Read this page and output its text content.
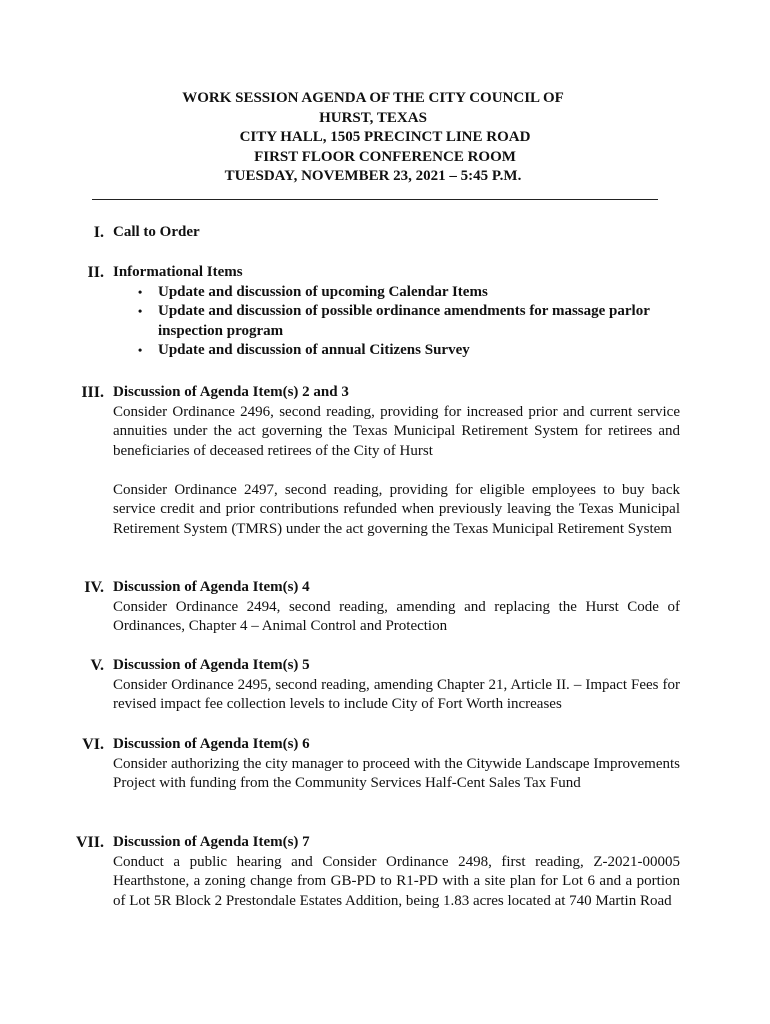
WORK SESSION AGENDA OF THE CITY COUNCIL OF
HURST, TEXAS
CITY HALL, 1505 PRECINCT LINE ROAD
FIRST FLOOR CONFERENCE ROOM
TUESDAY, NOVEMBER 23, 2021 – 5:45 P.M.
I. Call to Order
II. Informational Items
• Update and discussion of upcoming Calendar Items
• Update and discussion of possible ordinance amendments for massage parlor inspection program
• Update and discussion of annual Citizens Survey
III. Discussion of Agenda Item(s) 2 and 3
Consider Ordinance 2496, second reading, providing for increased prior and current service annuities under the act governing the Texas Municipal Retirement System for retirees and beneficiaries of deceased retirees of the City of Hurst
Consider Ordinance 2497, second reading, providing for eligible employees to buy back service credit and prior contributions refunded when previously leaving the Texas Municipal Retirement System (TMRS) under the act governing the Texas Municipal Retirement System
IV. Discussion of Agenda Item(s) 4
Consider Ordinance 2494, second reading, amending and replacing the Hurst Code of Ordinances, Chapter 4 – Animal Control and Protection
V. Discussion of Agenda Item(s) 5
Consider Ordinance 2495, second reading, amending Chapter 21, Article II. – Impact Fees for revised impact fee collection levels to include City of Fort Worth increases
VI. Discussion of Agenda Item(s) 6
Consider authorizing the city manager to proceed with the Citywide Landscape Improvements Project with funding from the Community Services Half-Cent Sales Tax Fund
VII. Discussion of Agenda Item(s) 7
Conduct a public hearing and Consider Ordinance 2498, first reading, Z-2021-00005 Hearthstone, a zoning change from GB-PD to R1-PD with a site plan for Lot 6 and a portion of Lot 5R Block 2 Prestondale Estates Addition, being 1.83 acres located at 740 Martin Road
